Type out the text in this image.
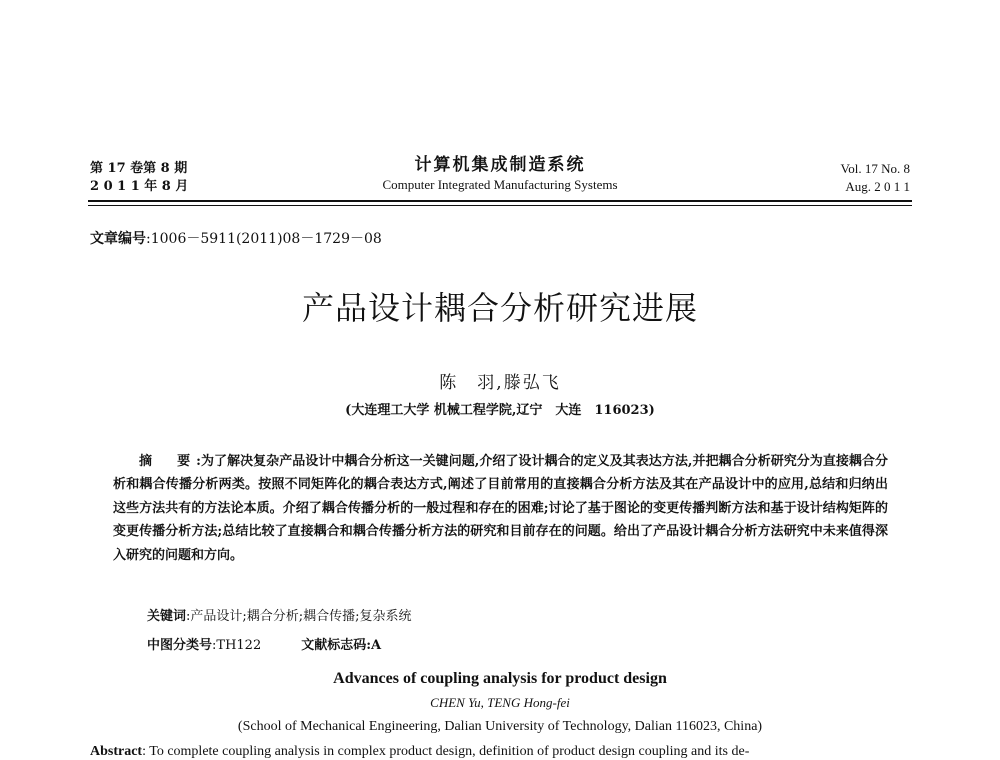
第 17 卷第 8 期
2 0 1 1 年 8 月
计算机集成制造系统
Computer Integrated Manufacturing Systems
Vol. 17 No. 8
Aug. 2 0 1 1
文章编号:1006－5911(2011)08－1729－08
产品设计耦合分析研究进展
陈　羽,滕弘飞
(大连理工大学 机械工程学院,辽宁　大连　116023)
摘　要:为了解决复杂产品设计中耦合分析这一关键问题,介绍了设计耦合的定义及其表达方法,并把耦合分析研究分为直接耦合分析和耦合传播分析两类。按照不同矩阵化的耦合表达方式,阐述了目前常用的直接耦合分析方法及其在产品设计中的应用,总结和归纳出这些方法共有的方法论本质。介绍了耦合传播分析的一般过程和存在的困难;讨论了基于图论的变更传播判断方法和基于设计结构矩阵的变更传播分析方法;总结比较了直接耦合和耦合传播分析方法的研究和目前存在的问题。给出了产品设计耦合分析方法研究中未来值得深入研究的问题和方向。
关键词:产品设计;耦合分析;耦合传播;复杂系统
中图分类号:TH122	文献标志码:A
Advances of coupling analysis for product design
CHEN Yu, TENG Hong-fei
(School of Mechanical Engineering, Dalian University of Technology, Dalian 116023, China)
Abstract: To complete coupling analysis in complex product design, definition of product design coupling and its de-
